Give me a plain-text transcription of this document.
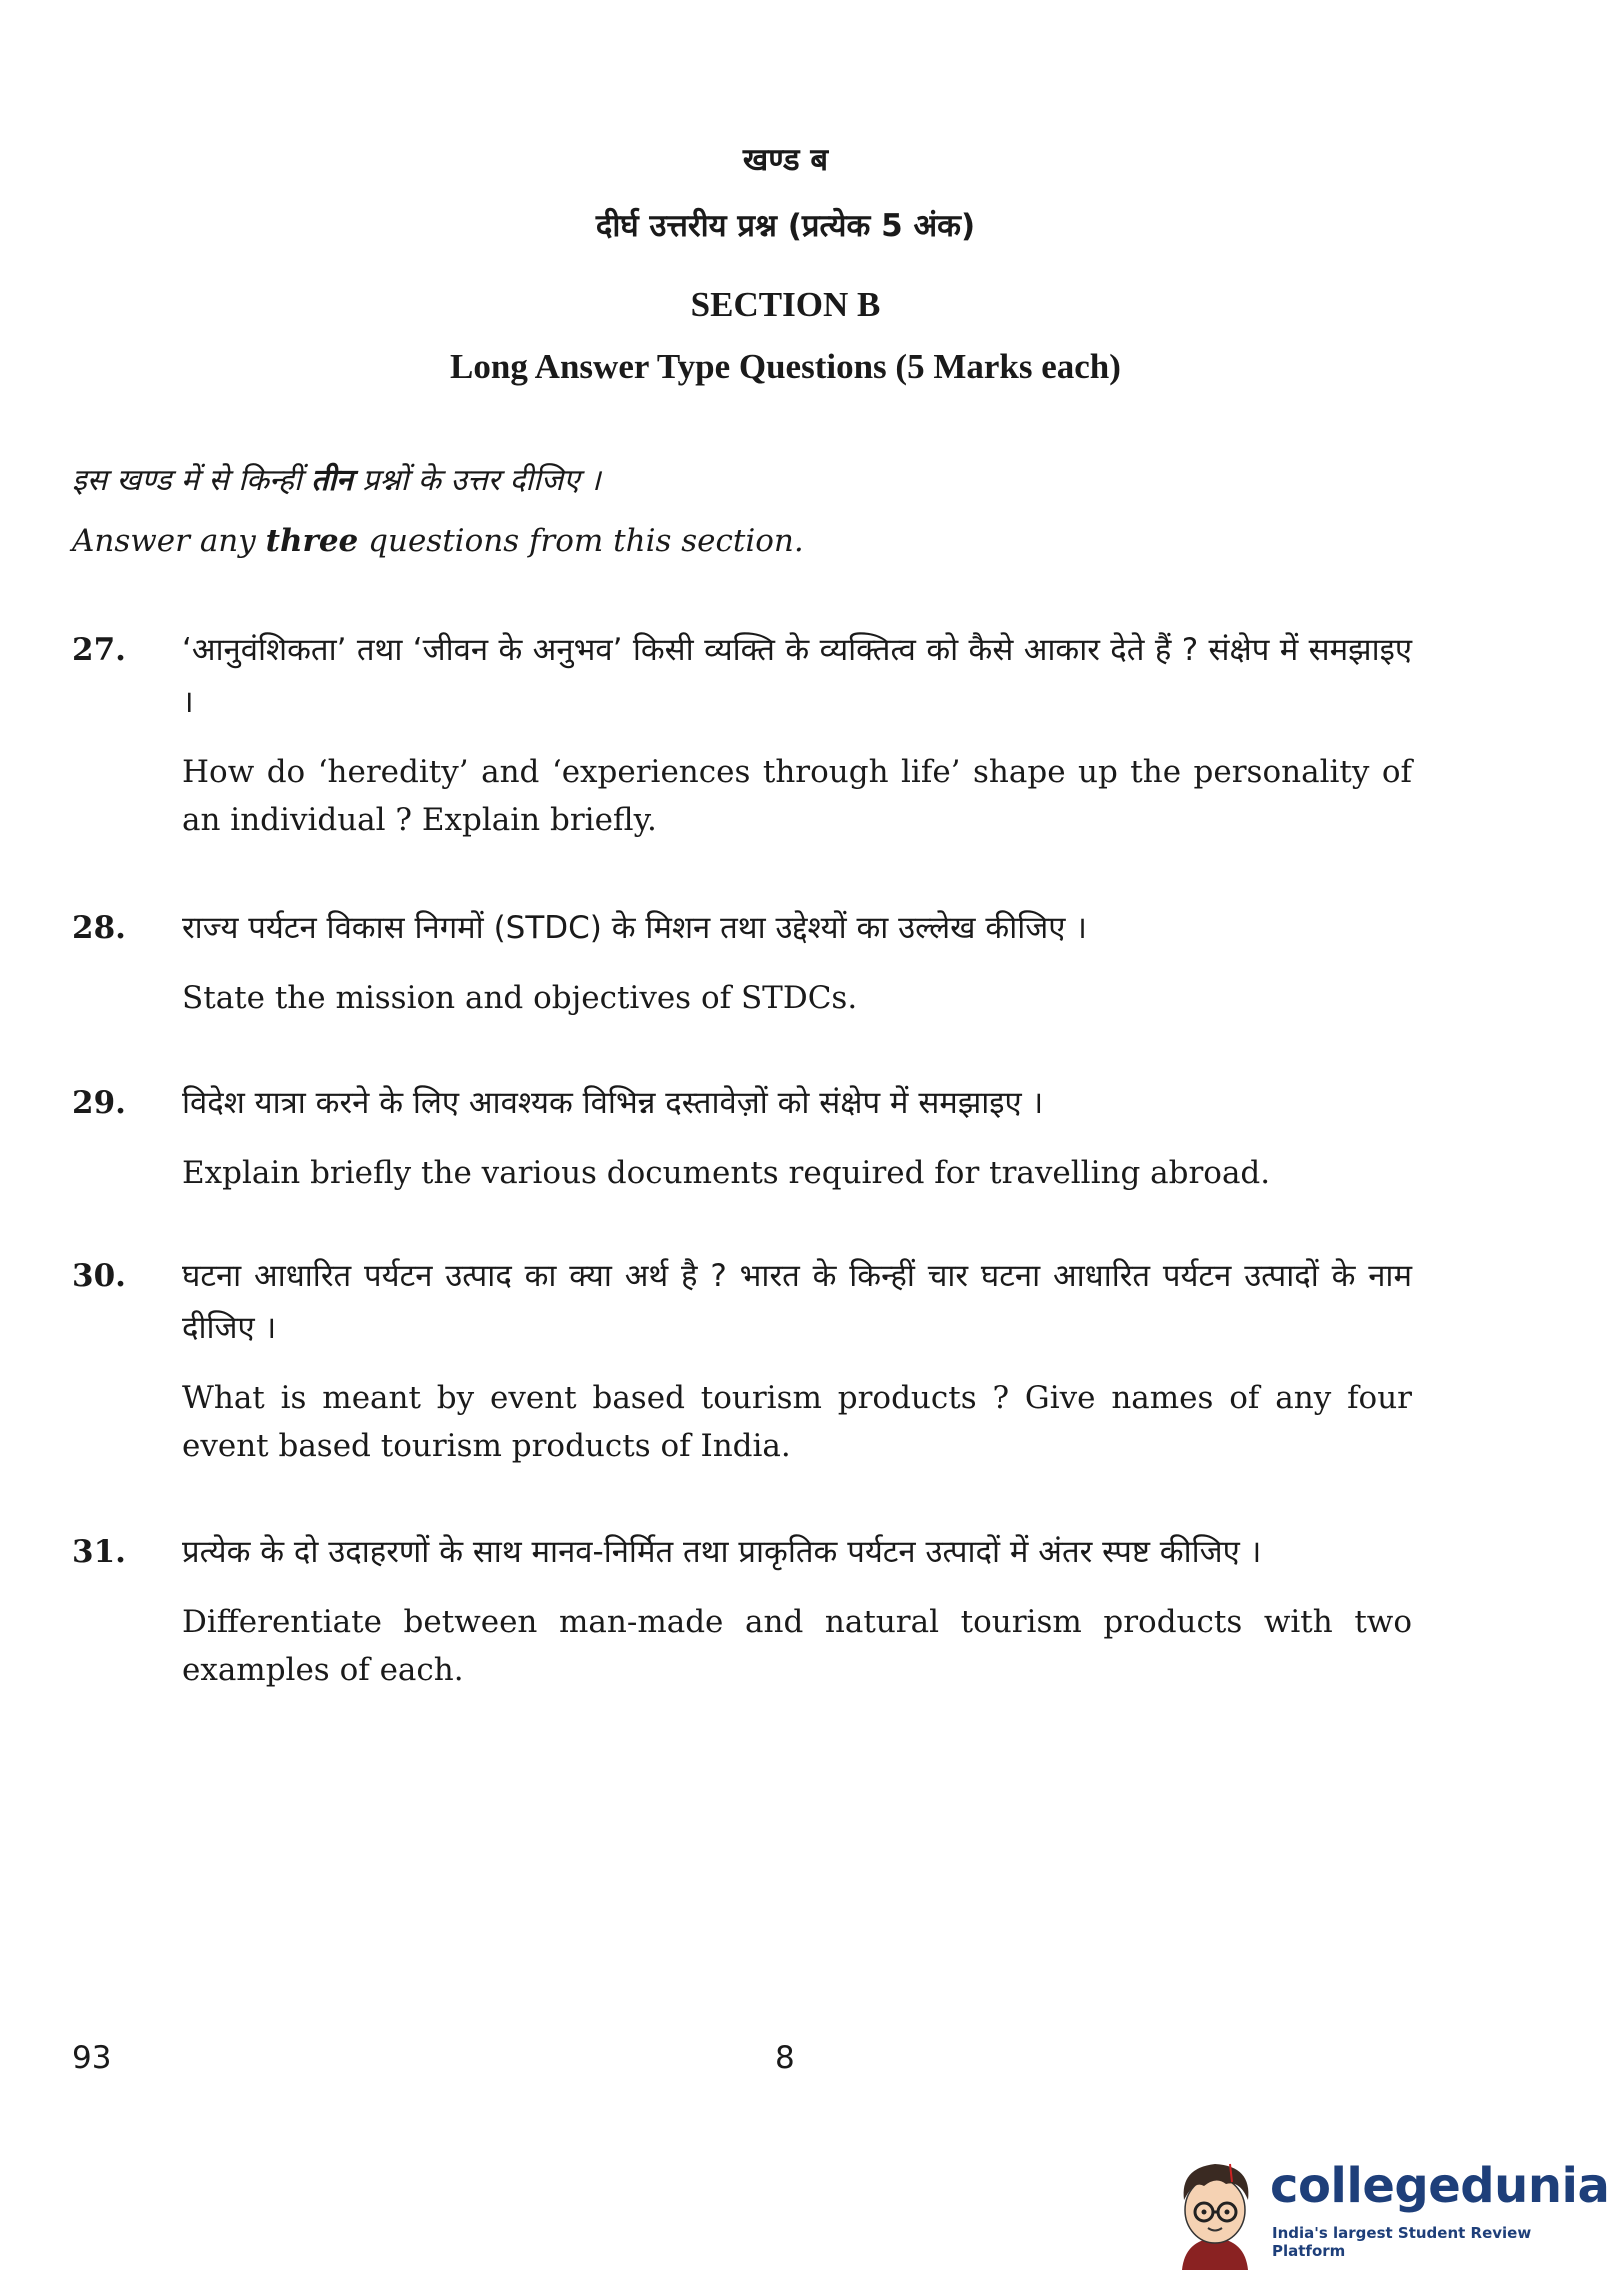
खण्ड ब
दीर्घ उत्तरीय प्रश्न (प्रत्येक 5 अंक)
SECTION B
Long Answer Type Questions (5 Marks each)
इस खण्ड में से किन्हीं तीन प्रश्नों के उत्तर दीजिए ।
Answer any three questions from this section.
27.	‘आनुवंशिकता’ तथा ‘जीवन के अनुभव’ किसी व्यक्ति के व्यक्तित्व को कैसे आकार देते हैं ? संक्षेप में समझाइए ।

How do ‘heredity’ and ‘experiences through life’ shape up the personality of an individual ? Explain briefly.

28.	राज्य पर्यटन विकास निगमों (STDC) के मिशन तथा उद्देश्यों का उल्लेख कीजिए ।

State the mission and objectives of STDCs.

29.	विदेश यात्रा करने के लिए आवश्यक विभिन्न दस्तावेज़ों को संक्षेप में समझाइए ।

Explain briefly the various documents required for travelling abroad.

30.	घटना आधारित पर्यटन उत्पाद का क्या अर्थ है ? भारत के किन्हीं चार घटना आधारित पर्यटन उत्पादों के नाम दीजिए ।

What is meant by event based tourism products ? Give names of any four event based tourism products of India.

31.	प्रत्येक के दो उदाहरणों के साथ मानव-निर्मित तथा प्राकृतिक पर्यटन उत्पादों में अंतर स्पष्ट कीजिए ।

Differentiate between man-made and natural tourism products with two examples of each.

93	8
collegedunia
India's largest Student Review Platform
